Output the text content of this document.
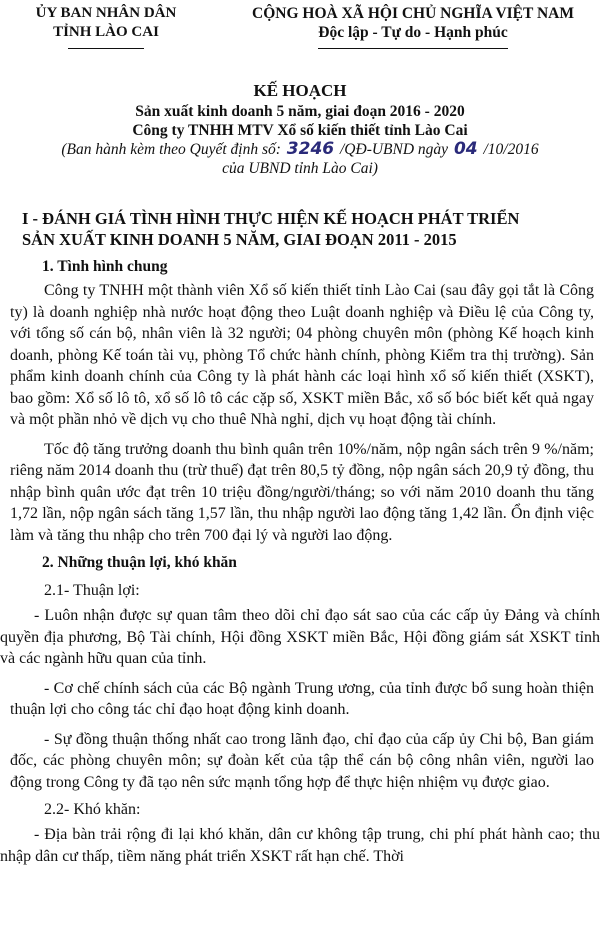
ỦY BAN NHÂN DÂN
TỈNH LÀO CAI
CỘNG HOÀ XÃ HỘI CHỦ NGHĨA VIỆT NAM
Độc lập - Tự do - Hạnh phúc
KẾ HOẠCH
Sản xuất kinh doanh 5 năm, giai đoạn 2016 - 2020
Công ty TNHH MTV Xổ số kiến thiết tỉnh Lào Cai
(Ban hành kèm theo Quyết định số: 3246 /QĐ-UBND ngày 04 /10/2016
của UBND tỉnh Lào Cai)
I - ĐÁNH GIÁ TÌNH HÌNH THỰC HIỆN KẾ HOẠCH PHÁT TRIỂN
SẢN XUẤT KINH DOANH 5 NĂM, GIAI ĐOẠN 2011 - 2015
1. Tình hình chung

Công ty TNHH một thành viên Xổ số kiến thiết tỉnh Lào Cai (sau đây gọi tắt là Công ty) là doanh nghiệp nhà nước hoạt động theo Luật doanh nghiệp và Điều lệ của Công ty, với tổng số cán bộ, nhân viên là 32 người; 04 phòng chuyên môn (phòng Kế hoạch kinh doanh, phòng Kế toán tài vụ, phòng Tổ chức hành chính, phòng Kiểm tra thị trường). Sản phẩm kinh doanh chính của Công ty là phát hành các loại hình xổ số kiến thiết (XSKT), bao gồm: Xổ số lô tô, xổ số lô tô các cặp số, XSKT miền Bắc, xổ số bóc biết kết quả ngay và một phần nhỏ về dịch vụ cho thuê Nhà nghỉ, dịch vụ hoạt động tài chính.

Tốc độ tăng trưởng doanh thu bình quân trên 10%/năm, nộp ngân sách trên 9 %/năm; riêng năm 2014 doanh thu (trừ thuế) đạt trên 80,5 tỷ đồng, nộp ngân sách 20,9 tỷ đồng, thu nhập bình quân ước đạt trên 10 triệu đồng/người/tháng; so với năm 2010 doanh thu tăng 1,72 lần, nộp ngân sách tăng 1,57 lần, thu nhập người lao động tăng 1,42 lần. Ổn định việc làm và tăng thu nhập cho trên 700 đại lý và người lao động.

2. Những thuận lợi, khó khăn
2.1- Thuận lợi:

- Luôn nhận được sự quan tâm theo dõi chỉ đạo sát sao của các cấp ủy Đảng và chính quyền địa phương, Bộ Tài chính, Hội đồng XSKT miền Bắc, Hội đồng giám sát XSKT tỉnh và các ngành hữu quan của tỉnh.

- Cơ chế chính sách của các Bộ ngành Trung ương, của tỉnh được bổ sung hoàn thiện thuận lợi cho công tác chỉ đạo hoạt động kinh doanh.

- Sự đồng thuận thống nhất cao trong lãnh đạo, chỉ đạo của cấp ủy Chi bộ, Ban giám đốc, các phòng chuyên môn; sự đoàn kết của tập thể cán bộ công nhân viên, người lao động trong Công ty đã tạo nên sức mạnh tổng hợp để thực hiện nhiệm vụ được giao.

2.2- Khó khăn:

- Địa bàn trải rộng đi lại khó khăn, dân cư không tập trung, chi phí phát hành cao; thu nhập dân cư thấp, tiềm năng phát triển XSKT rất hạn chế. Thời
